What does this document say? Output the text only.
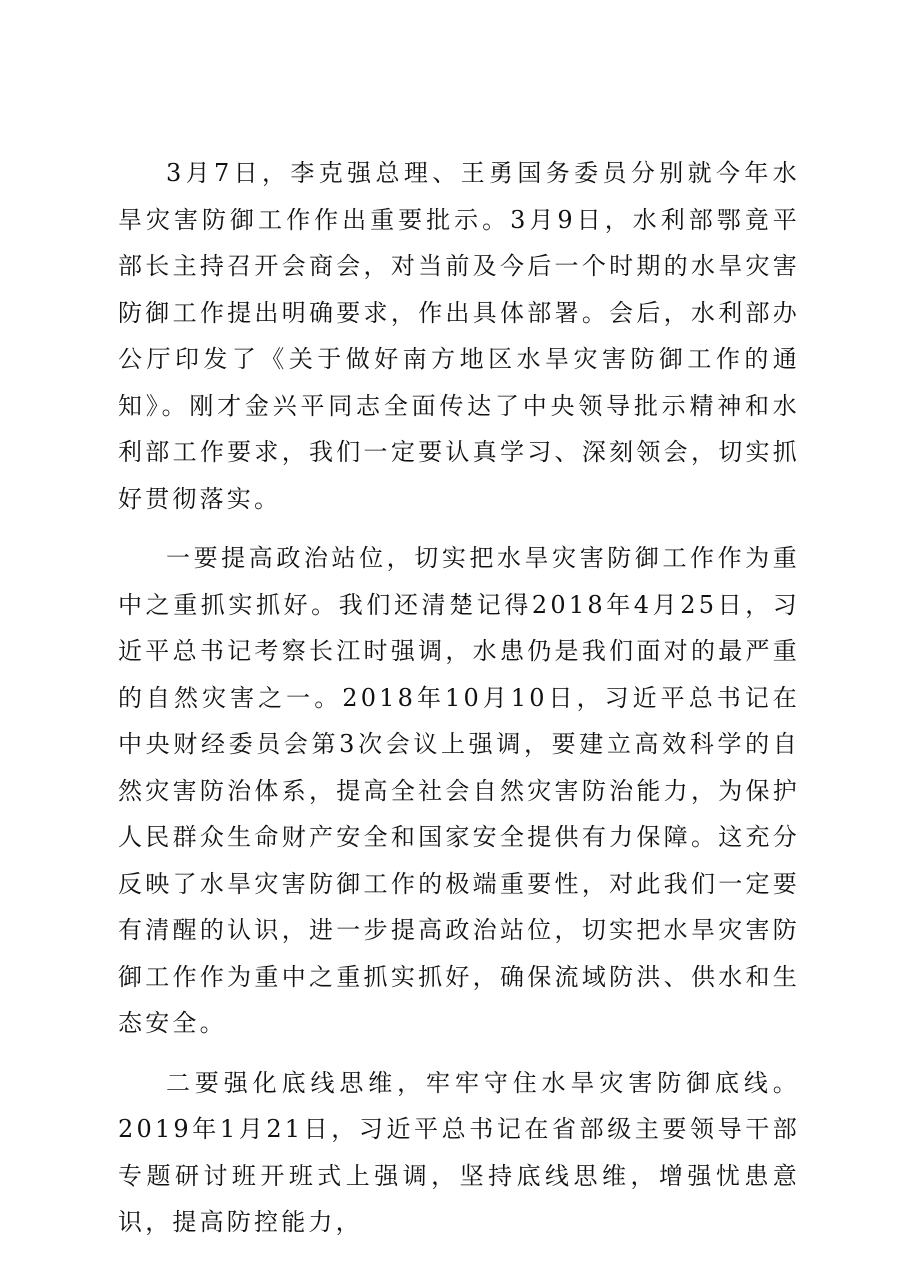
3月7日，李克强总理、王勇国务委员分别就今年水旱灾害防御工作作出重要批示。3月9日，水利部鄂竟平部长主持召开会商会，对当前及今后一个时期的水旱灾害防御工作提出明确要求，作出具体部署。会后，水利部办公厅印发了《关于做好南方地区水旱灾害防御工作的通知》。刚才金兴平同志全面传达了中央领导批示精神和水利部工作要求，我们一定要认真学习、深刻领会，切实抓好贯彻落实。

一要提高政治站位，切实把水旱灾害防御工作作为重中之重抓实抓好。我们还清楚记得2018年4月25日，习近平总书记考察长江时强调，水患仍是我们面对的最严重的自然灾害之一。2018年10月10日，习近平总书记在中央财经委员会第3次会议上强调，要建立高效科学的自然灾害防治体系，提高全社会自然灾害防治能力，为保护人民群众生命财产安全和国家安全提供有力保障。这充分反映了水旱灾害防御工作的极端重要性，对此我们一定要有清醒的认识，进一步提高政治站位，切实把水旱灾害防御工作作为重中之重抓实抓好，确保流域防洪、供水和生态安全。

二要强化底线思维，牢牢守住水旱灾害防御底线。2019年1月21日，习近平总书记在省部级主要领导干部专题研讨班开班式上强调，坚持底线思维，增强忧患意识，提高防控能力，
